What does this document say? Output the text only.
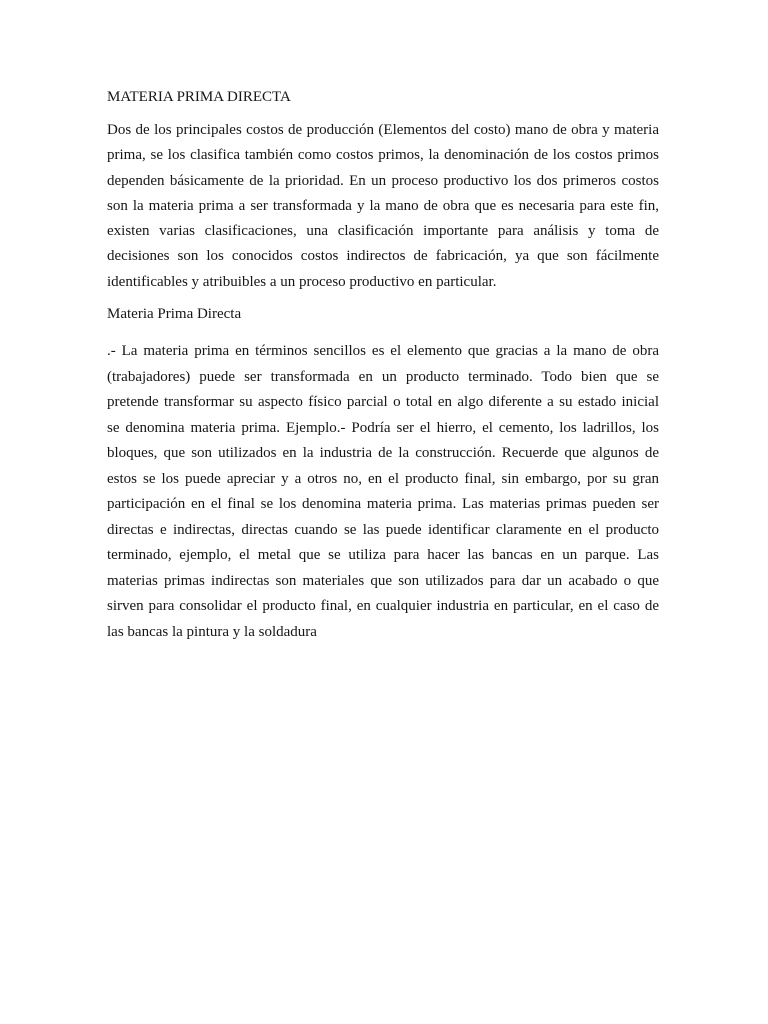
MATERIA PRIMA DIRECTA
Dos de los principales costos de producción (Elementos del costo) mano de obra y materia
prima, se los clasifica también como costos primos, la denominación de los costos primos
dependen básicamente de la prioridad. En un proceso productivo los dos primeros costos
son la materia prima a ser transformada y la mano de obra que es necesaria para este fin,
existen varias clasificaciones, una clasificación importante para análisis y toma de
decisiones son los conocidos costos indirectos de fabricación, ya que son fácilmente
identificables y atribuibles a un proceso productivo en particular.
Materia Prima Directa
.- La materia prima en términos sencillos es el elemento que gracias a la mano de obra
(trabajadores) puede ser transformada en un producto terminado. Todo bien que se
pretende transformar su aspecto físico parcial o total en algo diferente a su estado inicial
se denomina materia prima. Ejemplo.- Podría ser el hierro, el cemento, los ladrillos, los
bloques, que son utilizados en la industria de la construcción. Recuerde que algunos de
estos se los puede apreciar y a otros no, en el producto final, sin embargo, por su gran
participación en el final se los denomina materia prima. Las materias primas pueden ser
directas e indirectas, directas cuando se las puede identificar claramente en el producto
terminado, ejemplo, el metal que se utiliza para hacer las bancas en un parque. Las
materias primas indirectas son materiales que son utilizados para dar un acabado o que
sirven para consolidar el producto final, en cualquier industria en particular, en el caso de
las bancas la pintura y la soldadura
